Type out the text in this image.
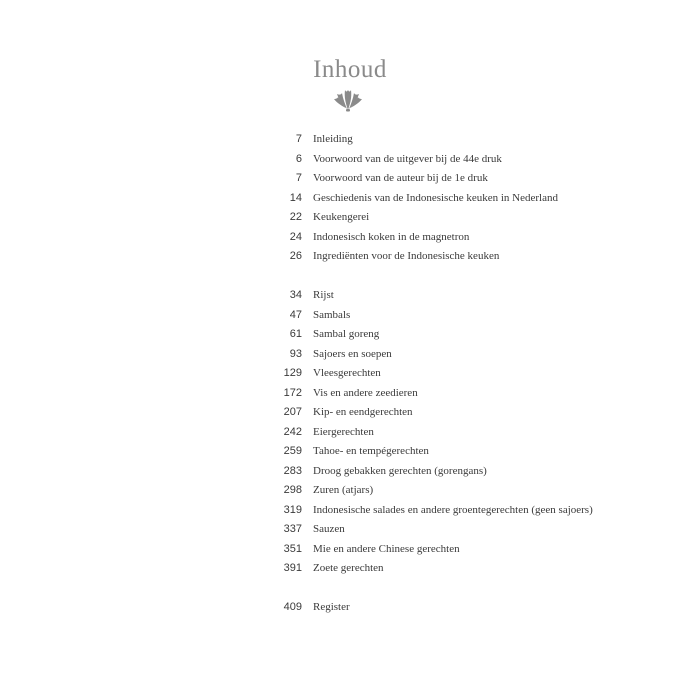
Inhoud
7 Inleiding
6 Voorwoord van de uitgever bij de 44e druk
7 Voorwoord van de auteur bij de 1e druk
14 Geschiedenis van de Indonesische keuken in Nederland
22 Keukengerei
24 Indonesisch koken in de magnetron
26 Ingrediënten voor de Indonesische keuken
34 Rijst
47 Sambals
61 Sambal goreng
93 Sajoers en soepen
129 Vleesgerechten
172 Vis en andere zeedieren
207 Kip- en eendgerechten
242 Eiergerechten
259 Tahoe- en tempégerechten
283 Droog gebakken gerechten (gorengans)
298 Zuren (atjars)
319 Indonesische salades en andere groentegerechten (geen sajoers)
337 Sauzen
351 Mie en andere Chinese gerechten
391 Zoete gerechten
409 Register
